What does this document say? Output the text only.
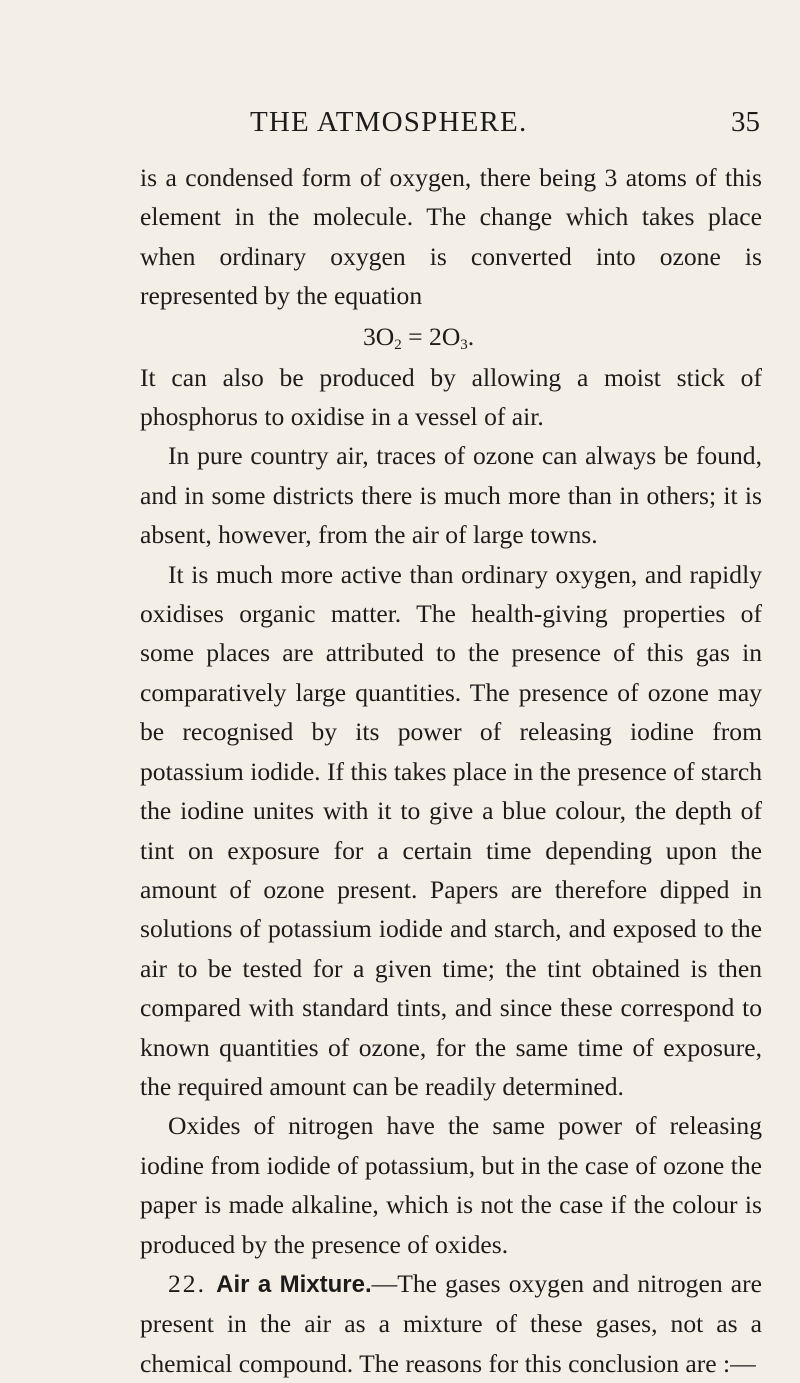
THE ATMOSPHERE.	35

is a condensed form of oxygen, there being 3 atoms of this element in the molecule. The change which takes place when ordinary oxygen is converted into ozone is represented by the equation

$3O_2 = 2O_3$.

It can also be produced by allowing a moist stick of phosphorus to oxidise in a vessel of air.

In pure country air, traces of ozone can always be found, and in some districts there is much more than in others; it is absent, however, from the air of large towns.

It is much more active than ordinary oxygen, and rapidly oxidises organic matter. The health-giving properties of some places are attributed to the presence of this gas in comparatively large quantities. The presence of ozone may be recognised by its power of releasing iodine from potassium iodide. If this takes place in the presence of starch the iodine unites with it to give a blue colour, the depth of tint on exposure for a certain time depending upon the amount of ozone present. Papers are therefore dipped in solutions of potassium iodide and starch, and exposed to the air to be tested for a given time; the tint obtained is then compared with standard tints, and since these correspond to known quantities of ozone, for the same time of exposure, the required amount can be readily determined.

Oxides of nitrogen have the same power of releasing iodine from iodide of potassium, but in the case of ozone the paper is made alkaline, which is not the case if the colour is produced by the presence of oxides.

22. Air a Mixture.—The gases oxygen and nitrogen are present in the air as a mixture of these gases, not as a chemical compound. The reasons for this conclusion are :—
